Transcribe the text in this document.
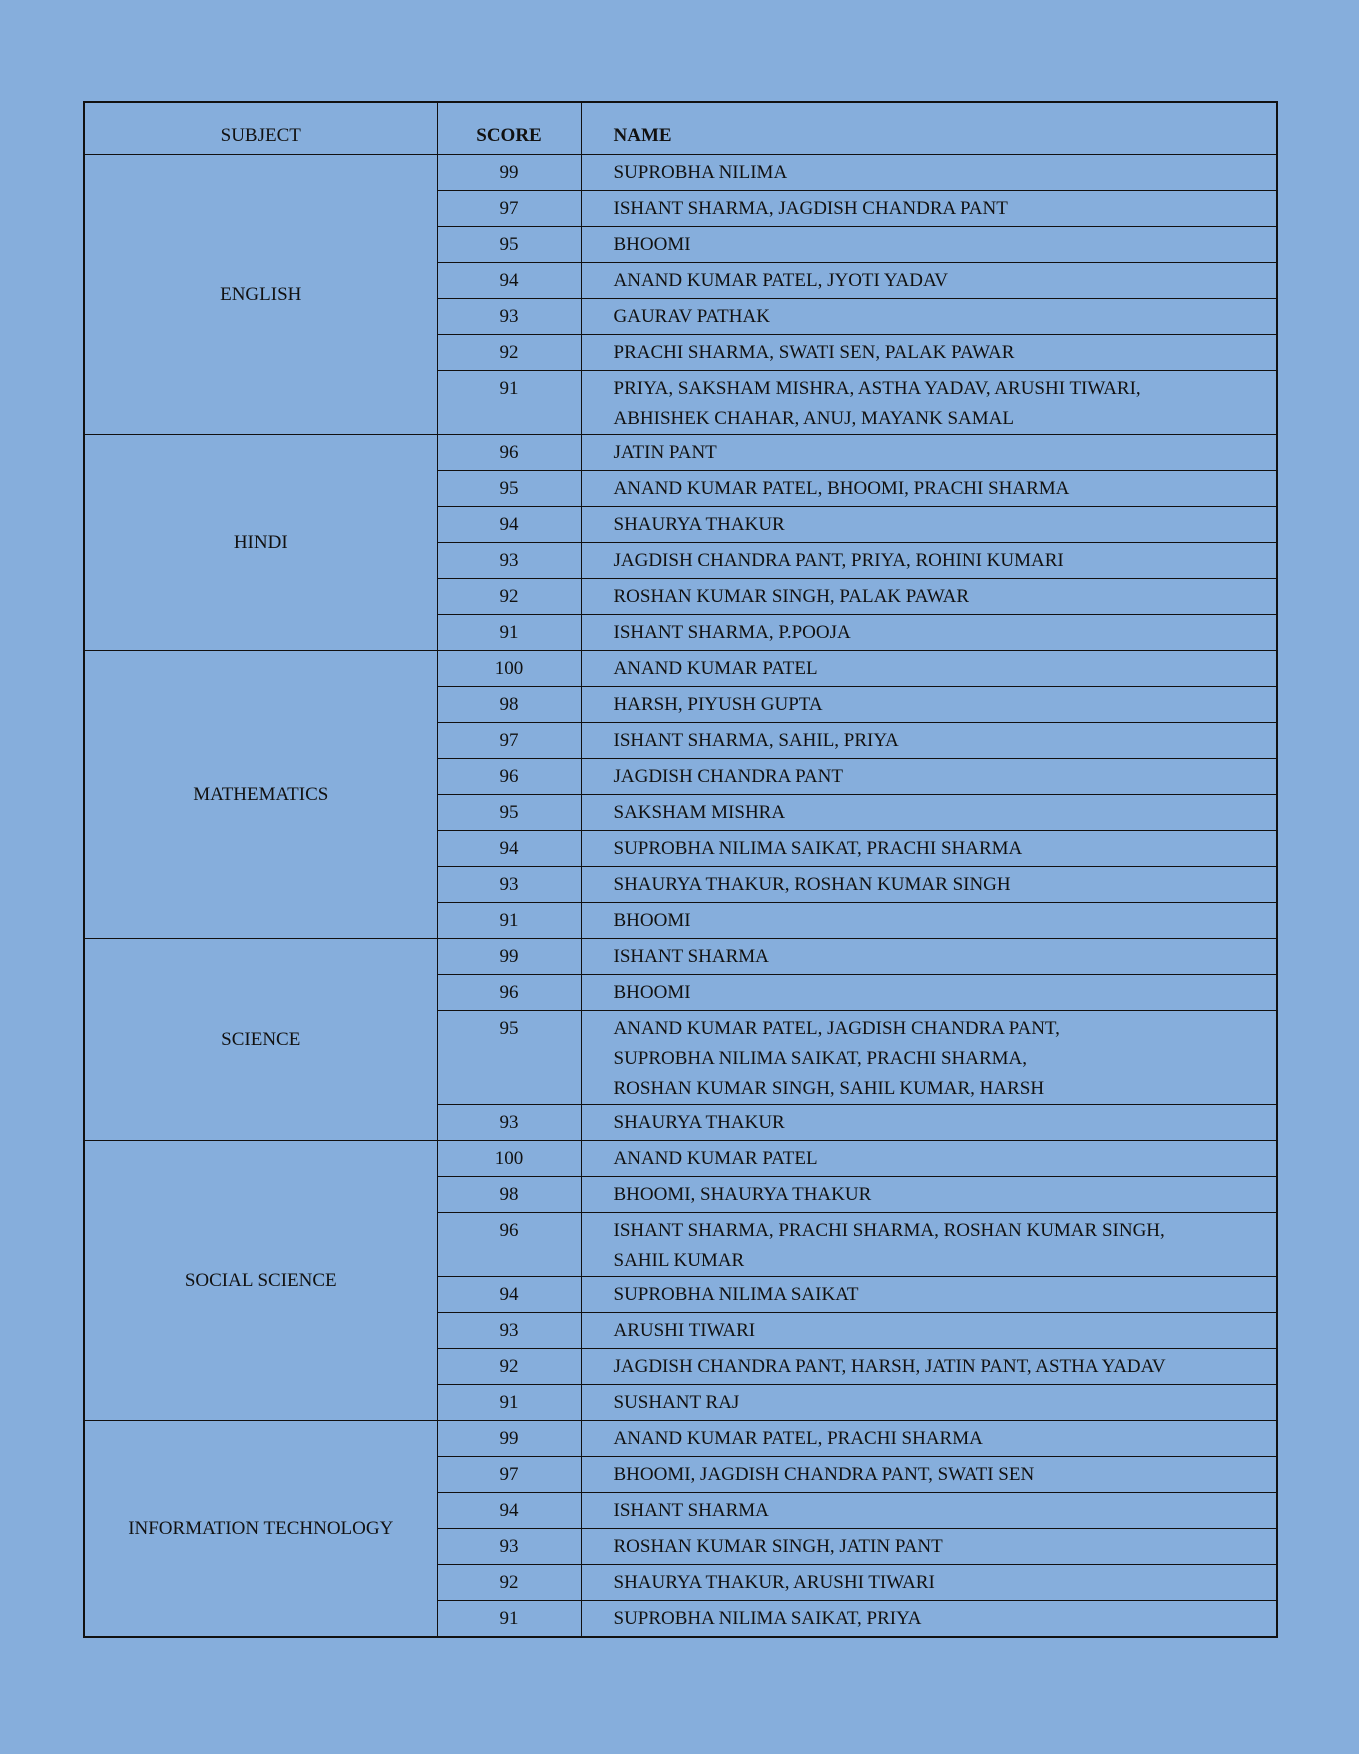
SUBJECT	SCORE	NAME
ENGLISH	99	SUPROBHA NILIMA

	97	ISHANT SHARMA, JAGDISH CHANDRA PANT

	95	BHOOMI

	94	ANAND KUMAR PATEL, JYOTI YADAV

	93	GAURAV PATHAK

	92	PRACHI SHARMA, SWATI SEN, PALAK PAWAR

	91	PRIYA, SAKSHAM MISHRA, ASTHA YADAV, ARUSHI TIWARI,
ABHISHEK CHAHAR, ANUJ, MAYANK SAMAL

HINDI	96	JATIN PANT

	95	ANAND KUMAR PATEL, BHOOMI, PRACHI SHARMA

	94	SHAURYA THAKUR

	93	JAGDISH CHANDRA PANT, PRIYA, ROHINI KUMARI

	92	ROSHAN KUMAR SINGH, PALAK PAWAR

	91	ISHANT SHARMA, P.POOJA

MATHEMATICS	100	ANAND KUMAR PATEL

	98	HARSH, PIYUSH GUPTA

	97	ISHANT SHARMA, SAHIL, PRIYA

	96	JAGDISH CHANDRA PANT

	95	SAKSHAM MISHRA

	94	SUPROBHA NILIMA SAIKAT, PRACHI SHARMA

	93	SHAURYA THAKUR, ROSHAN KUMAR SINGH

	91	BHOOMI

SCIENCE	99	ISHANT SHARMA

	96	BHOOMI

	95	ANAND KUMAR PATEL, JAGDISH CHANDRA PANT,
SUPROBHA NILIMA SAIKAT, PRACHI SHARMA,
ROSHAN KUMAR SINGH, SAHIL KUMAR, HARSH

	93	SHAURYA THAKUR

SOCIAL SCIENCE	100	ANAND KUMAR PATEL

	98	BHOOMI, SHAURYA THAKUR

	96	ISHANT SHARMA, PRACHI SHARMA, ROSHAN KUMAR SINGH,
SAHIL KUMAR

	94	SUPROBHA NILIMA SAIKAT

	93	ARUSHI TIWARI

	92	JAGDISH CHANDRA PANT, HARSH, JATIN PANT, ASTHA YADAV

	91	SUSHANT RAJ

INFORMATION TECHNOLOGY	99	ANAND KUMAR PATEL, PRACHI SHARMA

	97	BHOOMI, JAGDISH CHANDRA PANT, SWATI SEN

	94	ISHANT SHARMA

	93	ROSHAN KUMAR SINGH, JATIN PANT

	92	SHAURYA THAKUR, ARUSHI TIWARI

	91	SUPROBHA NILIMA SAIKAT, PRIYA
